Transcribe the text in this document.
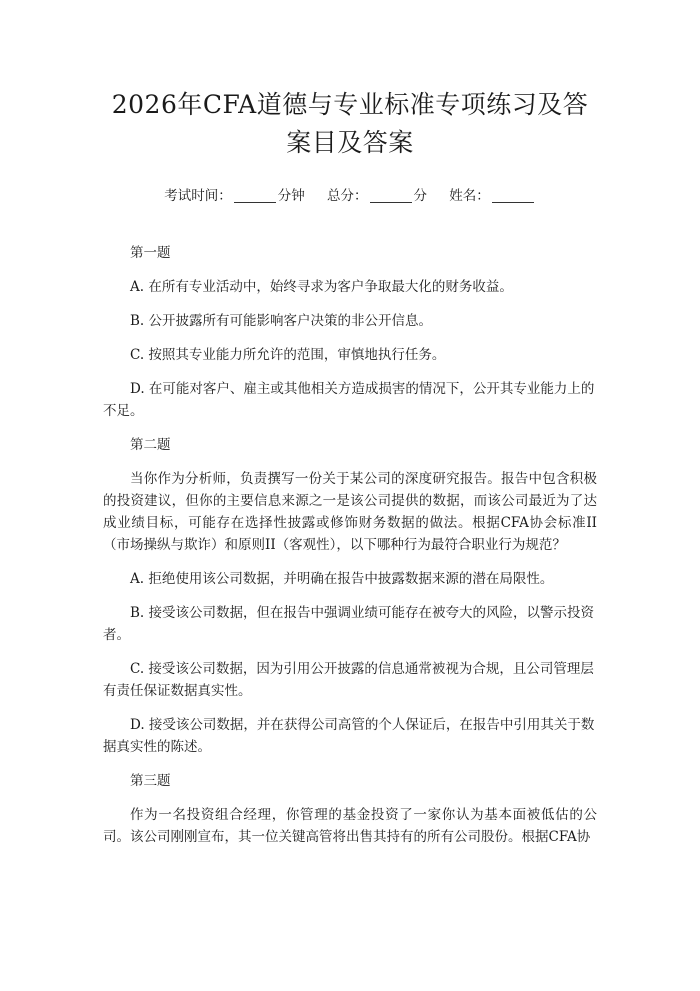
2026年CFA道德与专业标准专项练习及答案目及答案
考试时间：	分钟 总分：	分 姓名：
第一题
A. 在所有专业活动中，始终寻求为客户争取最大化的财务收益。
B. 公开披露所有可能影响客户决策的非公开信息。
C. 按照其专业能力所允许的范围，审慎地执行任务。
D. 在可能对客户、雇主或其他相关方造成损害的情况下，公开其专业能力上的不足。
第二题
当你作为分析师，负责撰写一份关于某公司的深度研究报告。报告中包含积极的投资建议，但你的主要信息来源之一是该公司提供的数据，而该公司最近为了达成业绩目标，可能存在选择性披露或修饰财务数据的做法。根据CFA协会标准II（市场操纵与欺诈）和原则II（客观性），以下哪种行为最符合职业行为规范？
A. 拒绝使用该公司数据，并明确在报告中披露数据来源的潜在局限性。
B. 接受该公司数据，但在报告中强调业绩可能存在被夸大的风险，以警示投资者。
C. 接受该公司数据，因为引用公开披露的信息通常被视为合规，且公司管理层有责任保证数据真实性。
D. 接受该公司数据，并在获得公司高管的个人保证后，在报告中引用其关于数据真实性的陈述。
第三题
作为一名投资组合经理，你管理的基金投资了一家你认为基本面被低估的公司。该公司刚刚宣布，其一位关键高管将出售其持有的所有公司股份。根据CFA协
